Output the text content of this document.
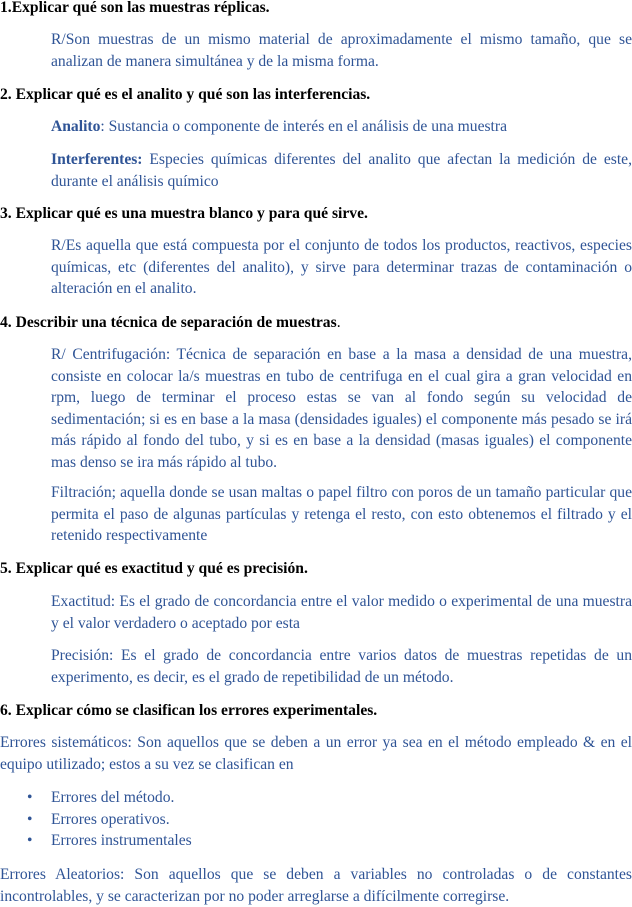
1.Explicar qué son las muestras réplicas.

R/Son muestras de un mismo material de aproximadamente el mismo tamaño, que se analizan de manera simultánea y de la misma forma.

2. Explicar qué es el analito y qué son las interferencias.

Analito: Sustancia o componente de interés en el análisis de una muestra

Interferentes: Especies químicas diferentes del analito que afectan la medición de este, durante el análisis químico

3. Explicar qué es una muestra blanco y para qué sirve.

R/Es aquella que está compuesta por el conjunto de todos los productos, reactivos, especies químicas, etc (diferentes del analito), y sirve para determinar trazas de contaminación o alteración en el analito.

4. Describir una técnica de separación de muestras.

R/ Centrifugación: Técnica de separación en base a la masa a densidad de una muestra, consiste en colocar la/s muestras en tubo de centrifuga en el cual gira a gran velocidad en rpm, luego de terminar el proceso estas se van al fondo según su velocidad de sedimentación; si es en base a la masa (densidades iguales) el componente más pesado se irá más rápido al fondo del tubo, y si es en base a la densidad (masas iguales) el componente mas denso se ira más rápido al tubo.

Filtración; aquella donde se usan maltas o papel filtro con poros de un tamaño particular que permita el paso de algunas partículas y retenga el resto, con esto obtenemos el filtrado y el retenido respectivamente

5. Explicar qué es exactitud y qué es precisión.

Exactitud: Es el grado de concordancia entre el valor medido o experimental de una muestra y el valor verdadero o aceptado por esta

Precisión: Es el grado de concordancia entre varios datos de muestras repetidas de un experimento, es decir, es el grado de repetibilidad de un método.

6. Explicar cómo se clasifican los errores experimentales.

Errores sistemáticos: Son aquellos que se deben a un error ya sea en el método empleado & en el equipo utilizado; estos a su vez se clasifican en

• Errores del método.
• Errores operativos.
• Errores instrumentales

Errores Aleatorios: Son aquellos que se deben a variables no controladas o de constantes incontrolables, y se caracterizan por no poder arreglarse a difícilmente corregirse.
